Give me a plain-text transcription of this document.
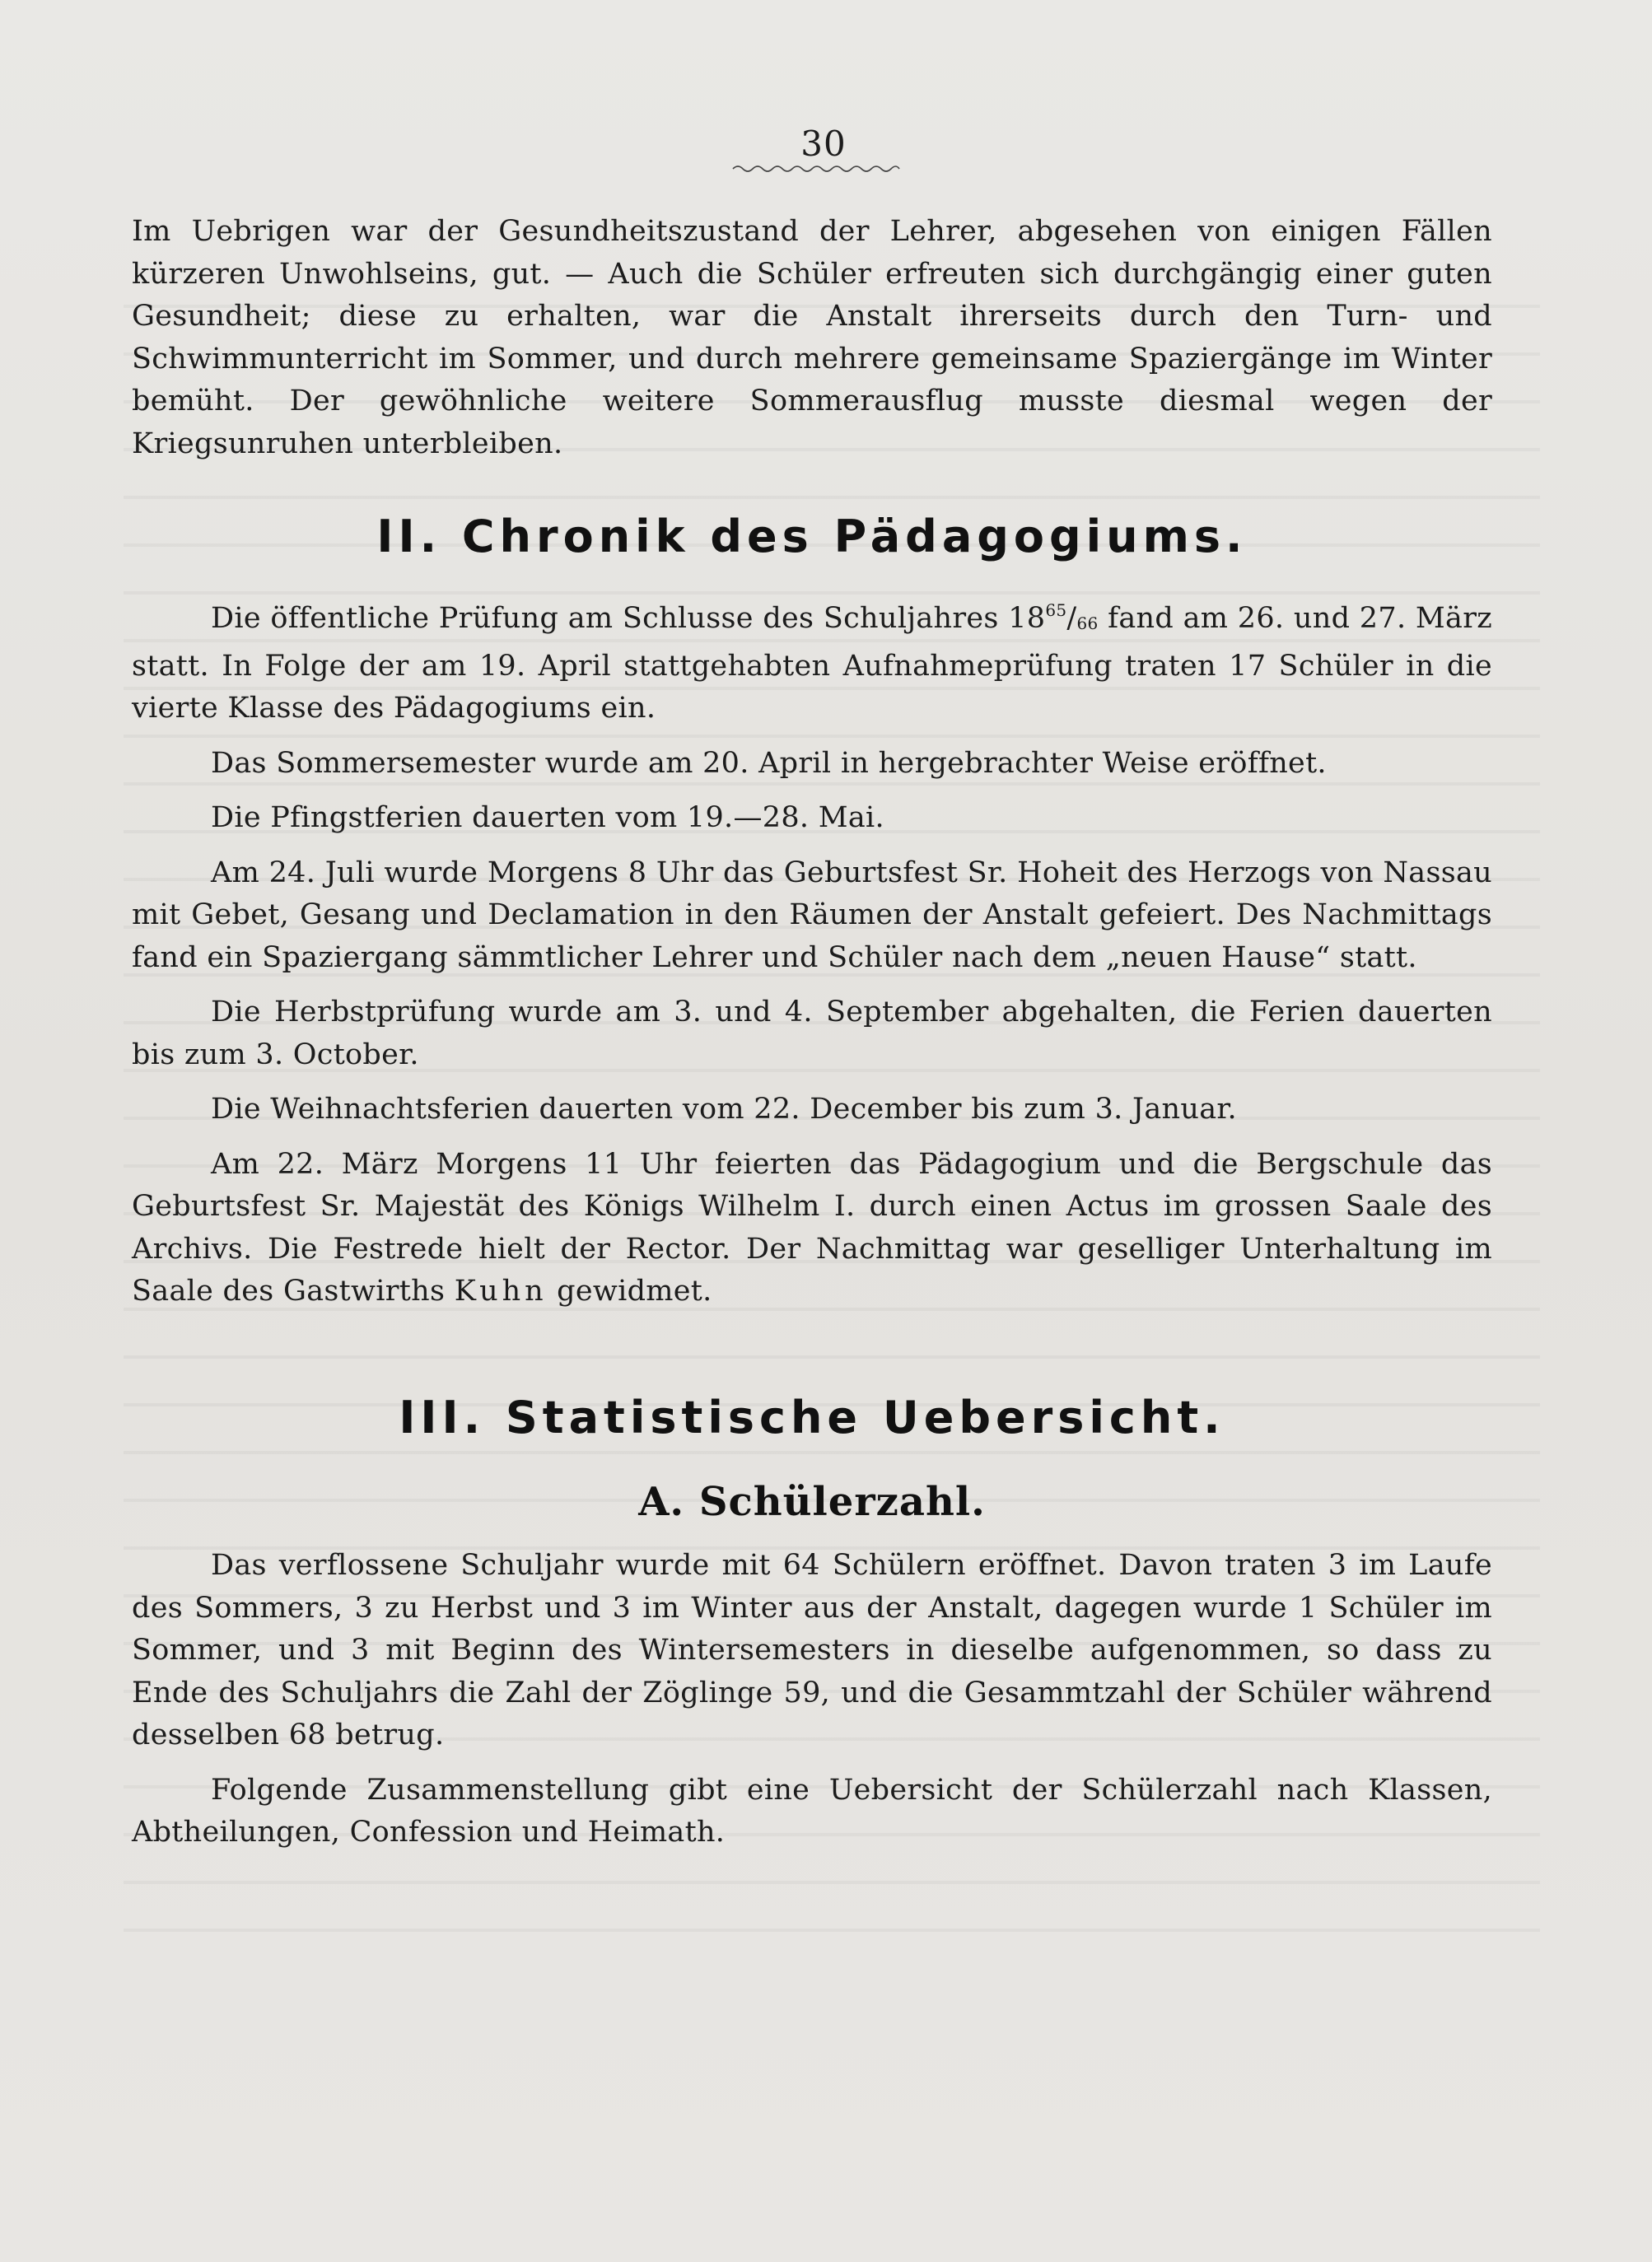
30

Im Uebrigen war der Gesundheitszustand der Lehrer, abgesehen von einigen Fällen kürzeren Unwohlseins, gut. — Auch die Schüler erfreuten sich durchgängig einer guten Gesundheit; diese zu erhalten, war die Anstalt ihrerseits durch den Turn- und Schwimmunterricht im Sommer, und durch mehrere gemeinsame Spaziergänge im Winter bemüht. Der gewöhnliche weitere Sommerausflug musste diesmal wegen der Kriegsunruhen unterbleiben.

II. Chronik des Pädagogiums.

Die öffentliche Prüfung am Schlusse des Schuljahres $18^{65}/_{66}$ fand am 26. und 27. März statt. In Folge der am 19. April stattgehabten Aufnahmeprüfung traten 17 Schüler in die vierte Klasse des Pädagogiums ein.

Das Sommersemester wurde am 20. April in hergebrachter Weise eröffnet.

Die Pfingstferien dauerten vom 19.—28. Mai.

Am 24. Juli wurde Morgens 8 Uhr das Geburtsfest Sr. Hoheit des Herzogs von Nassau mit Gebet, Gesang und Declamation in den Räumen der Anstalt gefeiert. Des Nachmittags fand ein Spaziergang sämmtlicher Lehrer und Schüler nach dem „neuen Hause“ statt.

Die Herbstprüfung wurde am 3. und 4. September abgehalten, die Ferien dauerten bis zum 3. October.

Die Weihnachtsferien dauerten vom 22. December bis zum 3. Januar.

Am 22. März Morgens 11 Uhr feierten das Pädagogium und die Bergschule das Geburtsfest Sr. Majestät des Königs Wilhelm I. durch einen Actus im grossen Saale des Archivs. Die Festrede hielt der Rector. Der Nachmittag war geselliger Unterhaltung im Saale des Gastwirths Kuhn gewidmet.

III. Statistische Uebersicht.
A. Schülerzahl.

Das verflossene Schuljahr wurde mit 64 Schülern eröffnet. Davon traten 3 im Laufe des Sommers, 3 zu Herbst und 3 im Winter aus der Anstalt, dagegen wurde 1 Schüler im Sommer, und 3 mit Beginn des Wintersemesters in dieselbe aufgenommen, so dass zu Ende des Schuljahrs die Zahl der Zöglinge 59, und die Gesammtzahl der Schüler während desselben 68 betrug.

Folgende Zusammenstellung gibt eine Uebersicht der Schülerzahl nach Klassen, Abtheilungen, Confession und Heimath.
